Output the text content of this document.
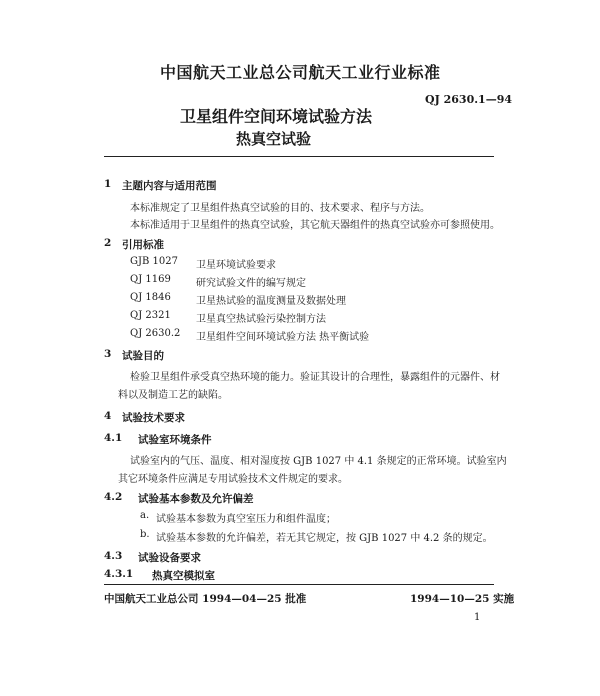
中国航天工业总公司航天工业行业标准
QJ 2630.1—94
卫星组件空间环境试验方法
热真空试验
1 主题内容与适用范围
本标准规定了卫星组件热真空试验的目的、技术要求、程序与方法。
本标准适用于卫星组件的热真空试验，其它航天器组件的热真空试验亦可参照使用。
2 引用标准
GJB 1027 卫星环境试验要求
QJ 1169	研究试验文件的编写规定
QJ 1846	卫星热试验的温度测量及数据处理
QJ 2321	卫星真空热试验污染控制方法
QJ 2630.2 卫星组件空间环境试验方法 热平衡试验
3 试验目的
检验卫星组件承受真空热环境的能力。验证其设计的合理性，暴露组件的元器件、材
料以及制造工艺的缺陷。
4 试验技术要求
4.1 试验室环境条件
试验室内的气压、温度、相对湿度按 GJB 1027 中 4.1 条规定的正常环境。试验室内
其它环境条件应满足专用试验技术文件规定的要求。
4.2 试验基本参数及允许偏差
a. 试验基本参数为真空室压力和组件温度；
b. 试验基本参数的允许偏差，若无其它规定，按 GJB 1027 中 4.2 条的规定。
4.3 试验设备要求
4.3.1 热真空模拟室
中国航天工业总公司 1994—04—25 批准	1994—10—25 实施
1
